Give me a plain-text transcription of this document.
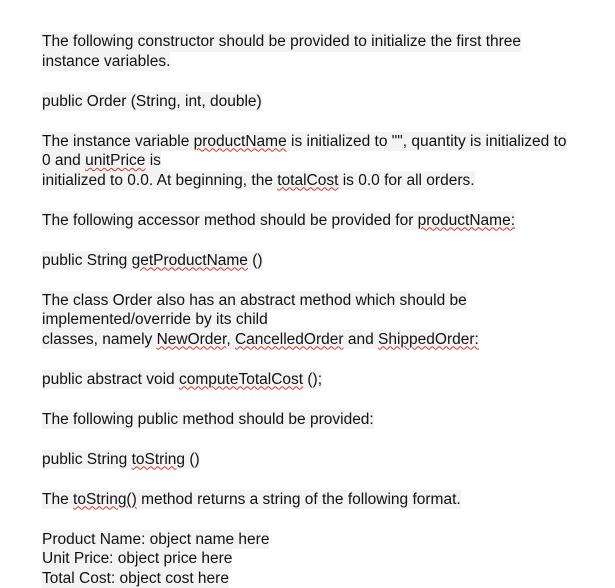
The following constructor should be provided to initialize the first three
instance variables.
public Order (String, int, double)
The instance variable productName is initialized to "", quantity is initialized to
0 and unitPrice is
initialized to 0.0. At beginning, the totalCost is 0.0 for all orders.
The following accessor method should be provided for productName:
public String getProductName ()
The class Order also has an abstract method which should be
implemented/override by its child
classes, namely NewOrder, CancelledOrder and ShippedOrder:
public abstract void computeTotalCost ();
The following public method should be provided:
public String toString ()
The toString() method returns a string of the following format.
Product Name: object name here
Unit Price: object price here
Total Cost: object cost here
